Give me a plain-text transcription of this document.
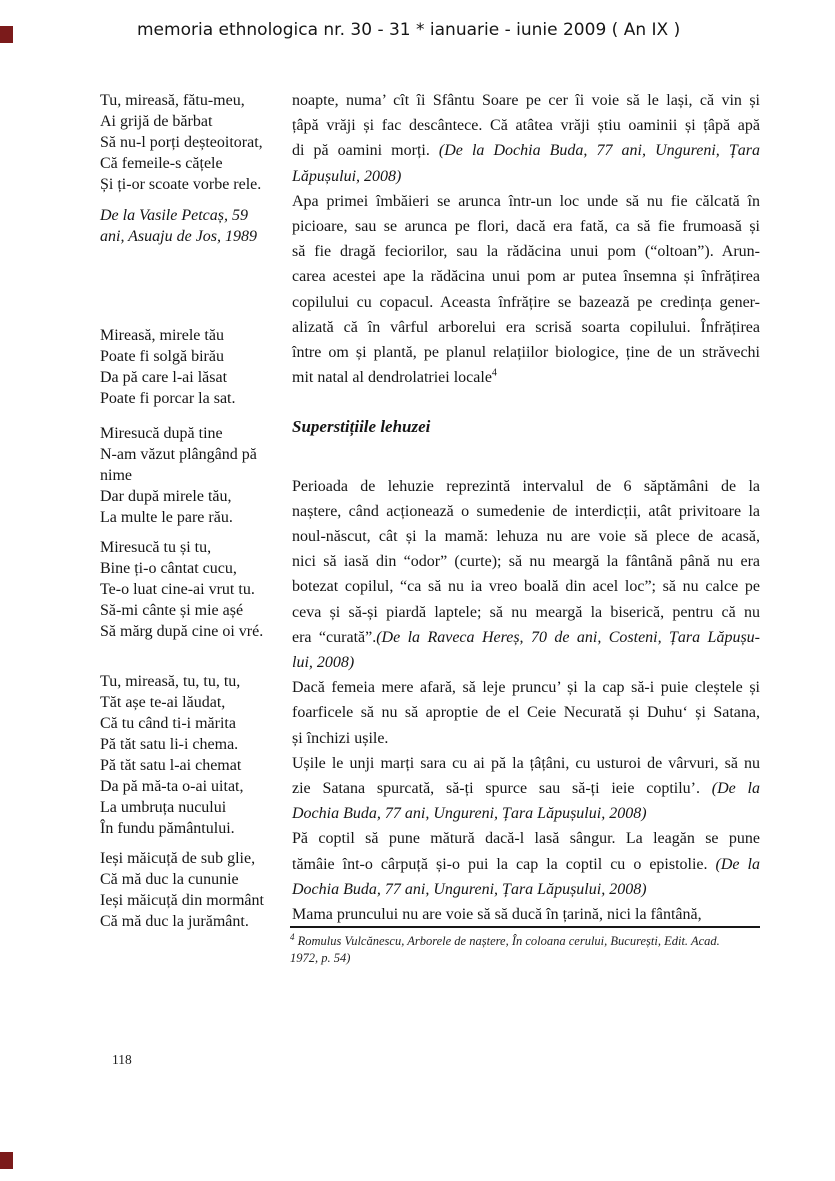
memoria ethnologica nr. 30 - 31 * ianuarie - iunie 2009 ( An IX )
Tu, mireasă, fătu-meu,
Ai grijă de bărbat
Să nu-l porți deșteoitorat,
Că femeile-s cățele
Și ți-or scoate vorbe rele.
De la Vasile Petcaș, 59
ani, Asuaju de Jos, 1989
Mireasă, mirele tău
Poate fi solgă birău
Da pă care l-ai lăsat
Poate fi porcar la sat.
Miresucă după tine
N-am văzut plângând pă
nime
Dar după mirele tău,
La multe le pare rău.
Miresucă tu și tu,
Bine ți-o cântat cucu,
Te-o luat cine-ai vrut tu.
Să-mi cânte și mie așé
Să mărg după cine oi vré.
Tu, mireasă, tu, tu, tu,
Tăt așe te-ai lăudat,
Că tu când ti-i mărita
Pă tăt satu li-i chema.
Pă tăt satu l-ai chemat
Da pă mă-ta o-ai uitat,
La umbruța nucului
În fundu pământului.
Ieși măicuță de sub glie,
Că mă duc la cununie
Ieși măicuță din mormânt
Că mă duc la jurământ.
noapte, numa’ cît îi Sfântu Soare pe cer îi voie să le lași, că vin și
țâpă vrăji și fac descântece. Că atâtea vrăji știu oaminii și țâpă apă
di pă oamini morți. (De la Dochia Buda, 77 ani, Ungureni, Țara
Lăpușului, 2008)
Apa primei îmbăieri se arunca într-un loc unde să nu fie călcată în
picioare, sau se arunca pe flori, dacă era fată, ca să fie frumoasă și
să fie dragă feciorilor, sau la rădăcina unui pom (“oltoan”). Arun-
carea acestei ape la rădăcina unui pom ar putea însemna și înfrățirea
copilului cu copacul. Aceasta înfrățire se bazează pe credința gener-
alizată că în vârful arborelui era scrisă soarta copilului. Înfrățirea
între om și plantă, pe planul relațiilor biologice, ține de un străvechi
mit natal al dendrolatriei locale$^4$
Superstițiile lehuzei
Perioada de lehuzie reprezintă intervalul de 6 săptămâni de la
naștere, când acționează o sumedenie de interdicții, atât privitoare la
noul-născut, cât și la mamă: lehuza nu are voie să plece de acasă,
nici să iasă din “odor” (curte); să nu meargă la fântână până nu era
botezat copilul, “ca să nu ia vreo boală din acel loc”; să nu calce pe
ceva și să-și piardă laptele; să nu meargă la biserică, pentru că nu
era “curată”.(De la Raveca Hereș, 70 de ani, Costeni, Țara Lăpușu-
lui, 2008)
Dacă femeia mere afară, să leje pruncu’ și la cap să-i puie cleștele și
foarficele să nu să aproptie de el Ceie Necurată și Duhu‘ și Satana,
și închizi ușile.
Ușile le unji marți sara cu ai pă la țâțâni, cu usturoi de vârvuri, să nu
zie Satana spurcată, să-ți spurce sau să-ți ieie coptilu’. (De la
Dochia Buda, 77 ani, Ungureni, Țara Lăpușului, 2008)
Pă coptil să pune mătură dacă-l lasă sângur. La leagăn se pune
tămâie înt-o cârpuță și-o pui la cap la coptil cu o epistolie. (De la
Dochia Buda, 77 ani, Ungureni, Țara Lăpușului, 2008)
Mama pruncului nu are voie să să ducă în țarină, nici la fântână,
$^4$ Romulus Vulcănescu, Arborele de naștere, În coloana cerului, București, Edit. Acad.
1972, p. 54)
118
